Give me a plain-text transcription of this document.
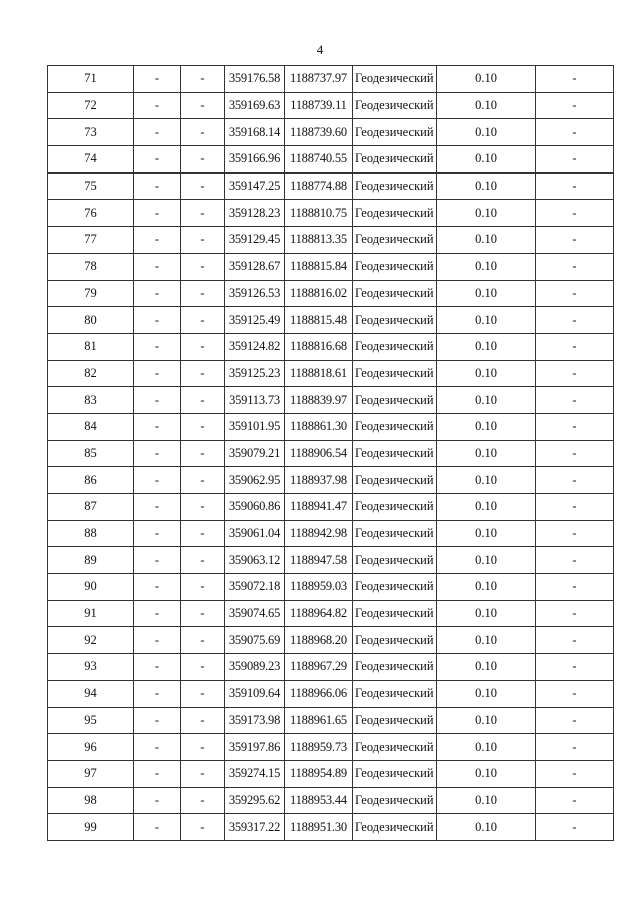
4
71	-	-	359176.58	1188737.97	Геодезический	0.10	-
72	-	-	359169.63	1188739.11	Геодезический	0.10	-
73	-	-	359168.14	1188739.60	Геодезический	0.10	-
74	-	-	359166.96	1188740.55	Геодезический	0.10	-
75	-	-	359147.25	1188774.88	Геодезический	0.10	-
76	-	-	359128.23	1188810.75	Геодезический	0.10	-
77	-	-	359129.45	1188813.35	Геодезический	0.10	-
78	-	-	359128.67	1188815.84	Геодезический	0.10	-
79	-	-	359126.53	1188816.02	Геодезический	0.10	-
80	-	-	359125.49	1188815.48	Геодезический	0.10	-
81	-	-	359124.82	1188816.68	Геодезический	0.10	-
82	-	-	359125.23	1188818.61	Геодезический	0.10	-
83	-	-	359113.73	1188839.97	Геодезический	0.10	-
84	-	-	359101.95	1188861.30	Геодезический	0.10	-
85	-	-	359079.21	1188906.54	Геодезический	0.10	-
86	-	-	359062.95	1188937.98	Геодезический	0.10	-
87	-	-	359060.86	1188941.47	Геодезический	0.10	-
88	-	-	359061.04	1188942.98	Геодезический	0.10	-
89	-	-	359063.12	1188947.58	Геодезический	0.10	-
90	-	-	359072.18	1188959.03	Геодезический	0.10	-
91	-	-	359074.65	1188964.82	Геодезический	0.10	-
92	-	-	359075.69	1188968.20	Геодезический	0.10	-
93	-	-	359089.23	1188967.29	Геодезический	0.10	-
94	-	-	359109.64	1188966.06	Геодезический	0.10	-
95	-	-	359173.98	1188961.65	Геодезический	0.10	-
96	-	-	359197.86	1188959.73	Геодезический	0.10	-
97	-	-	359274.15	1188954.89	Геодезический	0.10	-
98	-	-	359295.62	1188953.44	Геодезический	0.10	-
99	-	-	359317.22	1188951.30	Геодезический	0.10	-
